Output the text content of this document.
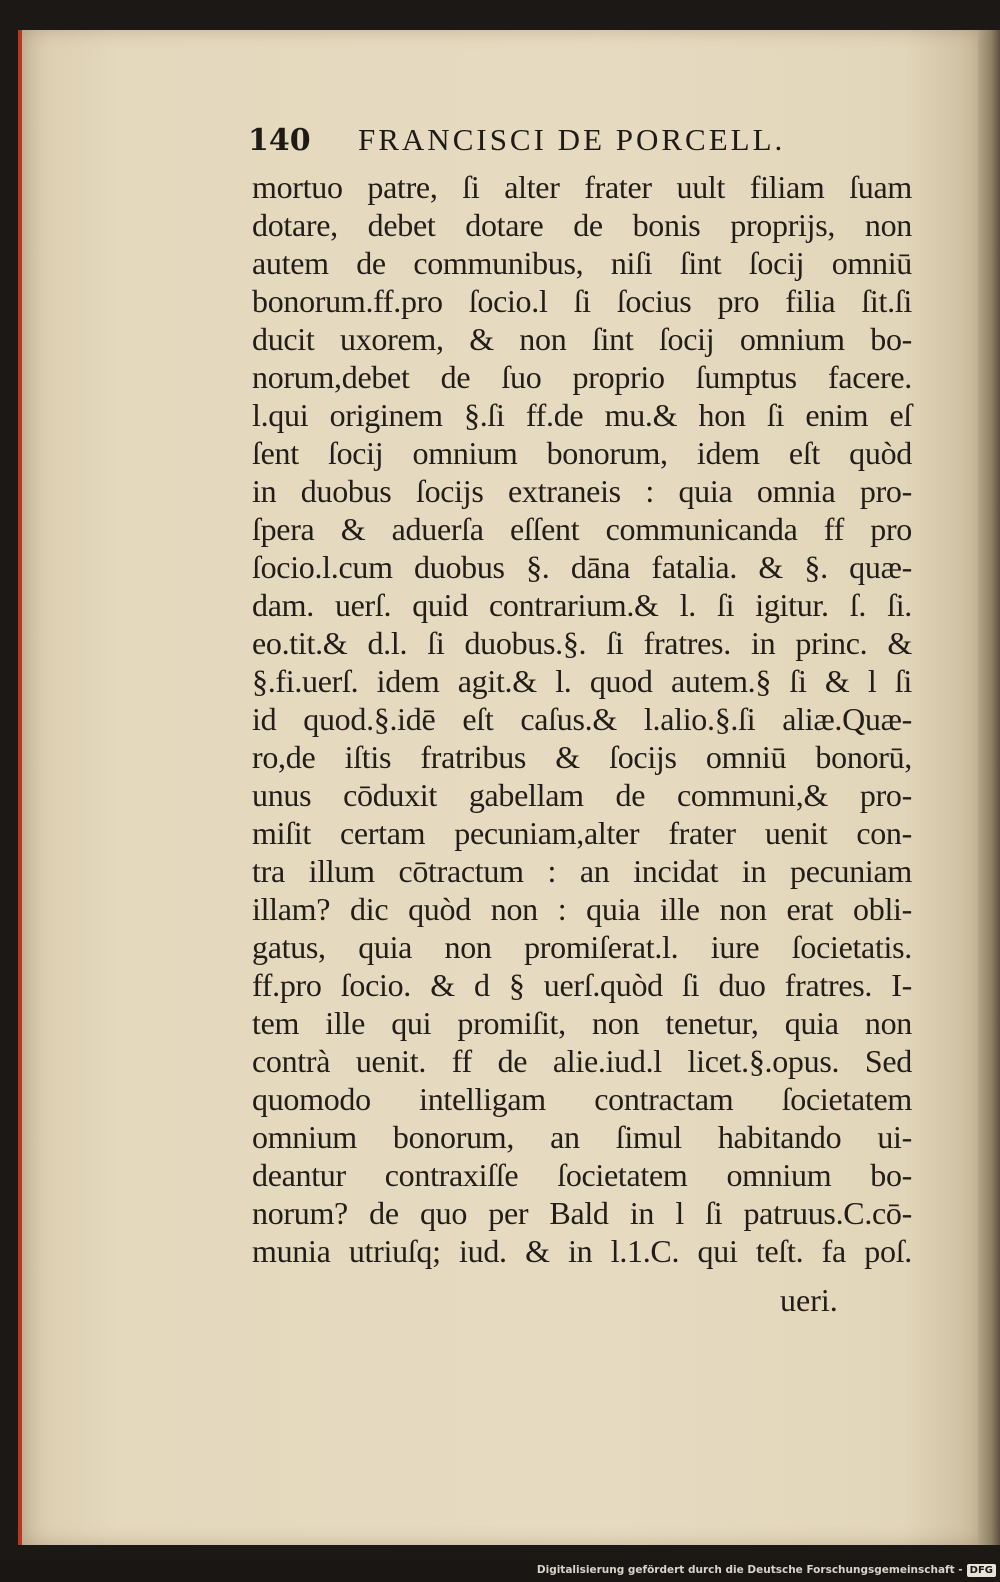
140	FRANCISCI DE PORCELL.
mortuo patre, ſi alter frater uult filiam ſuam
dotare, debet dotare de bonis proprijs, non
autem de communibus, niſi ſint ſocij omniū
bonorum.ff.pro ſocio.l ſi ſocius pro filia ſit.ſi
ducit uxorem, & non ſint ſocij omnium bo-
norum,debet de ſuo proprio ſumptus facere.
l.qui originem §.ſi ff.de mu.& hon ſi enim eſ
ſent ſocij omnium bonorum, idem eſt quòd
in duobus ſocijs extraneis : quia omnia pro-
ſpera & aduerſa eſſent communicanda ff pro
ſocio.l.cum duobus §. dāna fatalia. & §. quæ-
dam. uerſ. quid contrarium.& l. ſi igitur. ſ. ſi.
eo.tit.& d.l. ſi duobus.§. ſi fratres. in princ. &
§.fi.uerſ. idem agit.& l. quod autem.§ ſi & l ſi
id quod.§.idē eſt caſus.& l.alio.§.ſi aliæ.Quæ-
ro,de iſtis fratribus & ſocijs omniū bonorū,
unus cōduxit gabellam de communi,& pro-
miſit certam pecuniam,alter frater uenit con-
tra illum cōtractum : an incidat in pecuniam
illam? dic quòd non : quia ille non erat obli-
gatus, quia non promiſerat.l. iure ſocietatis.
ff.pro ſocio. & d § uerſ.quòd ſi duo fratres. I-
tem ille qui promiſit, non tenetur, quia non
contrà uenit. ff de alie.iud.l licet.§.opus. Sed
quomodo intelligam contractam ſocietatem
omnium bonorum, an ſimul habitando ui-
deantur contraxiſſe ſocietatem omnium bo-
norum? de quo per Bald in l ſi patruus.C.cō-
munia utriuſq; iud. & in l.1.C. qui teſt. fa poſ.
ueri.
Digitalisierung gefördert durch die Deutsche Forschungsgemeinschaft - DFG
